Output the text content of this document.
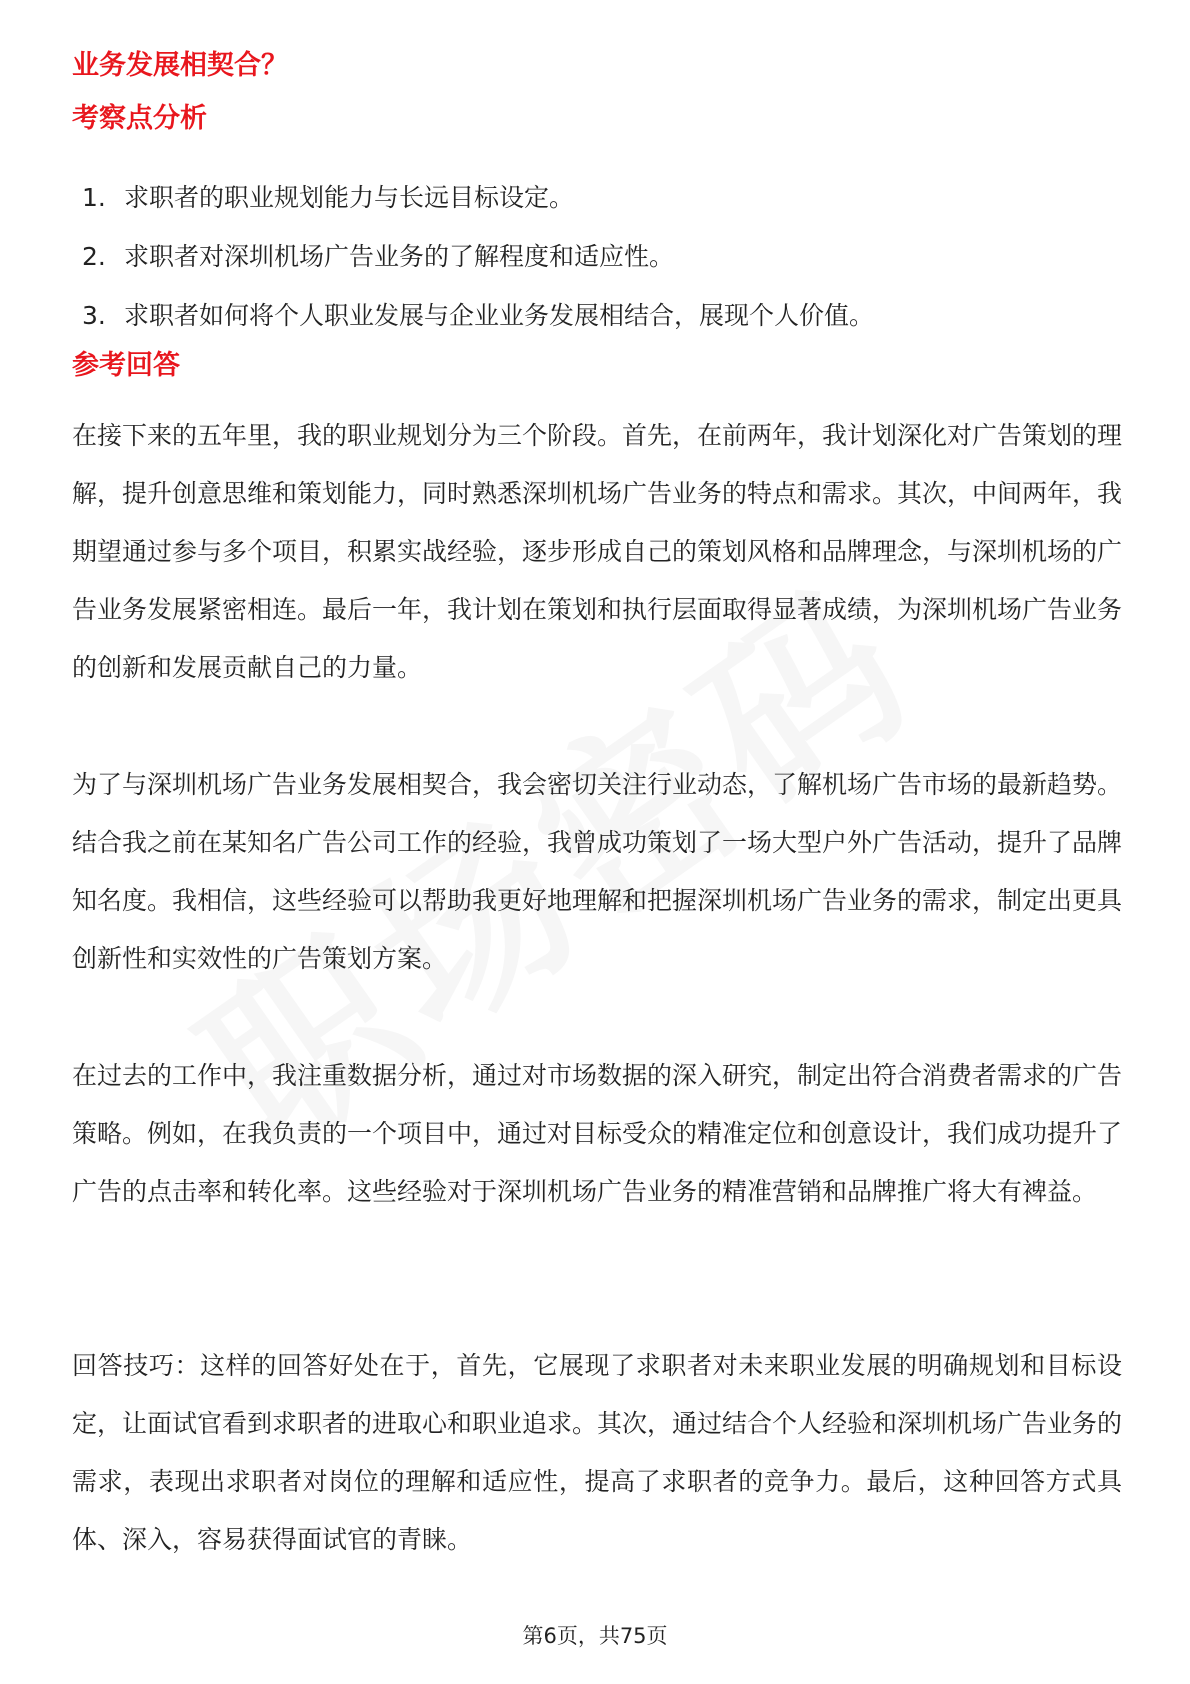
业务发展相契合？
考察点分析
1. 求职者的职业规划能力与长远目标设定。
2. 求职者对深圳机场广告业务的了解程度和适应性。
3. 求职者如何将个人职业发展与企业业务发展相结合，展现个人价值。
参考回答

在接下来的五年里，我的职业规划分为三个阶段。首先，在前两年，我计划深化对广告策划的理解，提升创意思维和策划能力，同时熟悉深圳机场广告业务的特点和需求。其次，中间两年，我期望通过参与多个项目，积累实战经验，逐步形成自己的策划风格和品牌理念，与深圳机场的广告业务发展紧密相连。最后一年，我计划在策划和执行层面取得显著成绩，为深圳机场广告业务的创新和发展贡献自己的力量。

为了与深圳机场广告业务发展相契合，我会密切关注行业动态，了解机场广告市场的最新趋势。结合我之前在某知名广告公司工作的经验，我曾成功策划了一场大型户外广告活动，提升了品牌知名度。我相信，这些经验可以帮助我更好地理解和把握深圳机场广告业务的需求，制定出更具创新性和实效性的广告策划方案。

在过去的工作中，我注重数据分析，通过对市场数据的深入研究，制定出符合消费者需求的广告策略。例如，在我负责的一个项目中，通过对目标受众的精准定位和创意设计，我们成功提升了广告的点击率和转化率。这些经验对于深圳机场广告业务的精准营销和品牌推广将大有裨益。

回答技巧：这样的回答好处在于，首先，它展现了求职者对未来职业发展的明确规划和目标设定，让面试官看到求职者的进取心和职业追求。其次，通过结合个人经验和深圳机场广告业务的需求，表现出求职者对岗位的理解和适应性，提高了求职者的竞争力。最后，这种回答方式具体、深入，容易获得面试官的青睐。

第6页，共75页
